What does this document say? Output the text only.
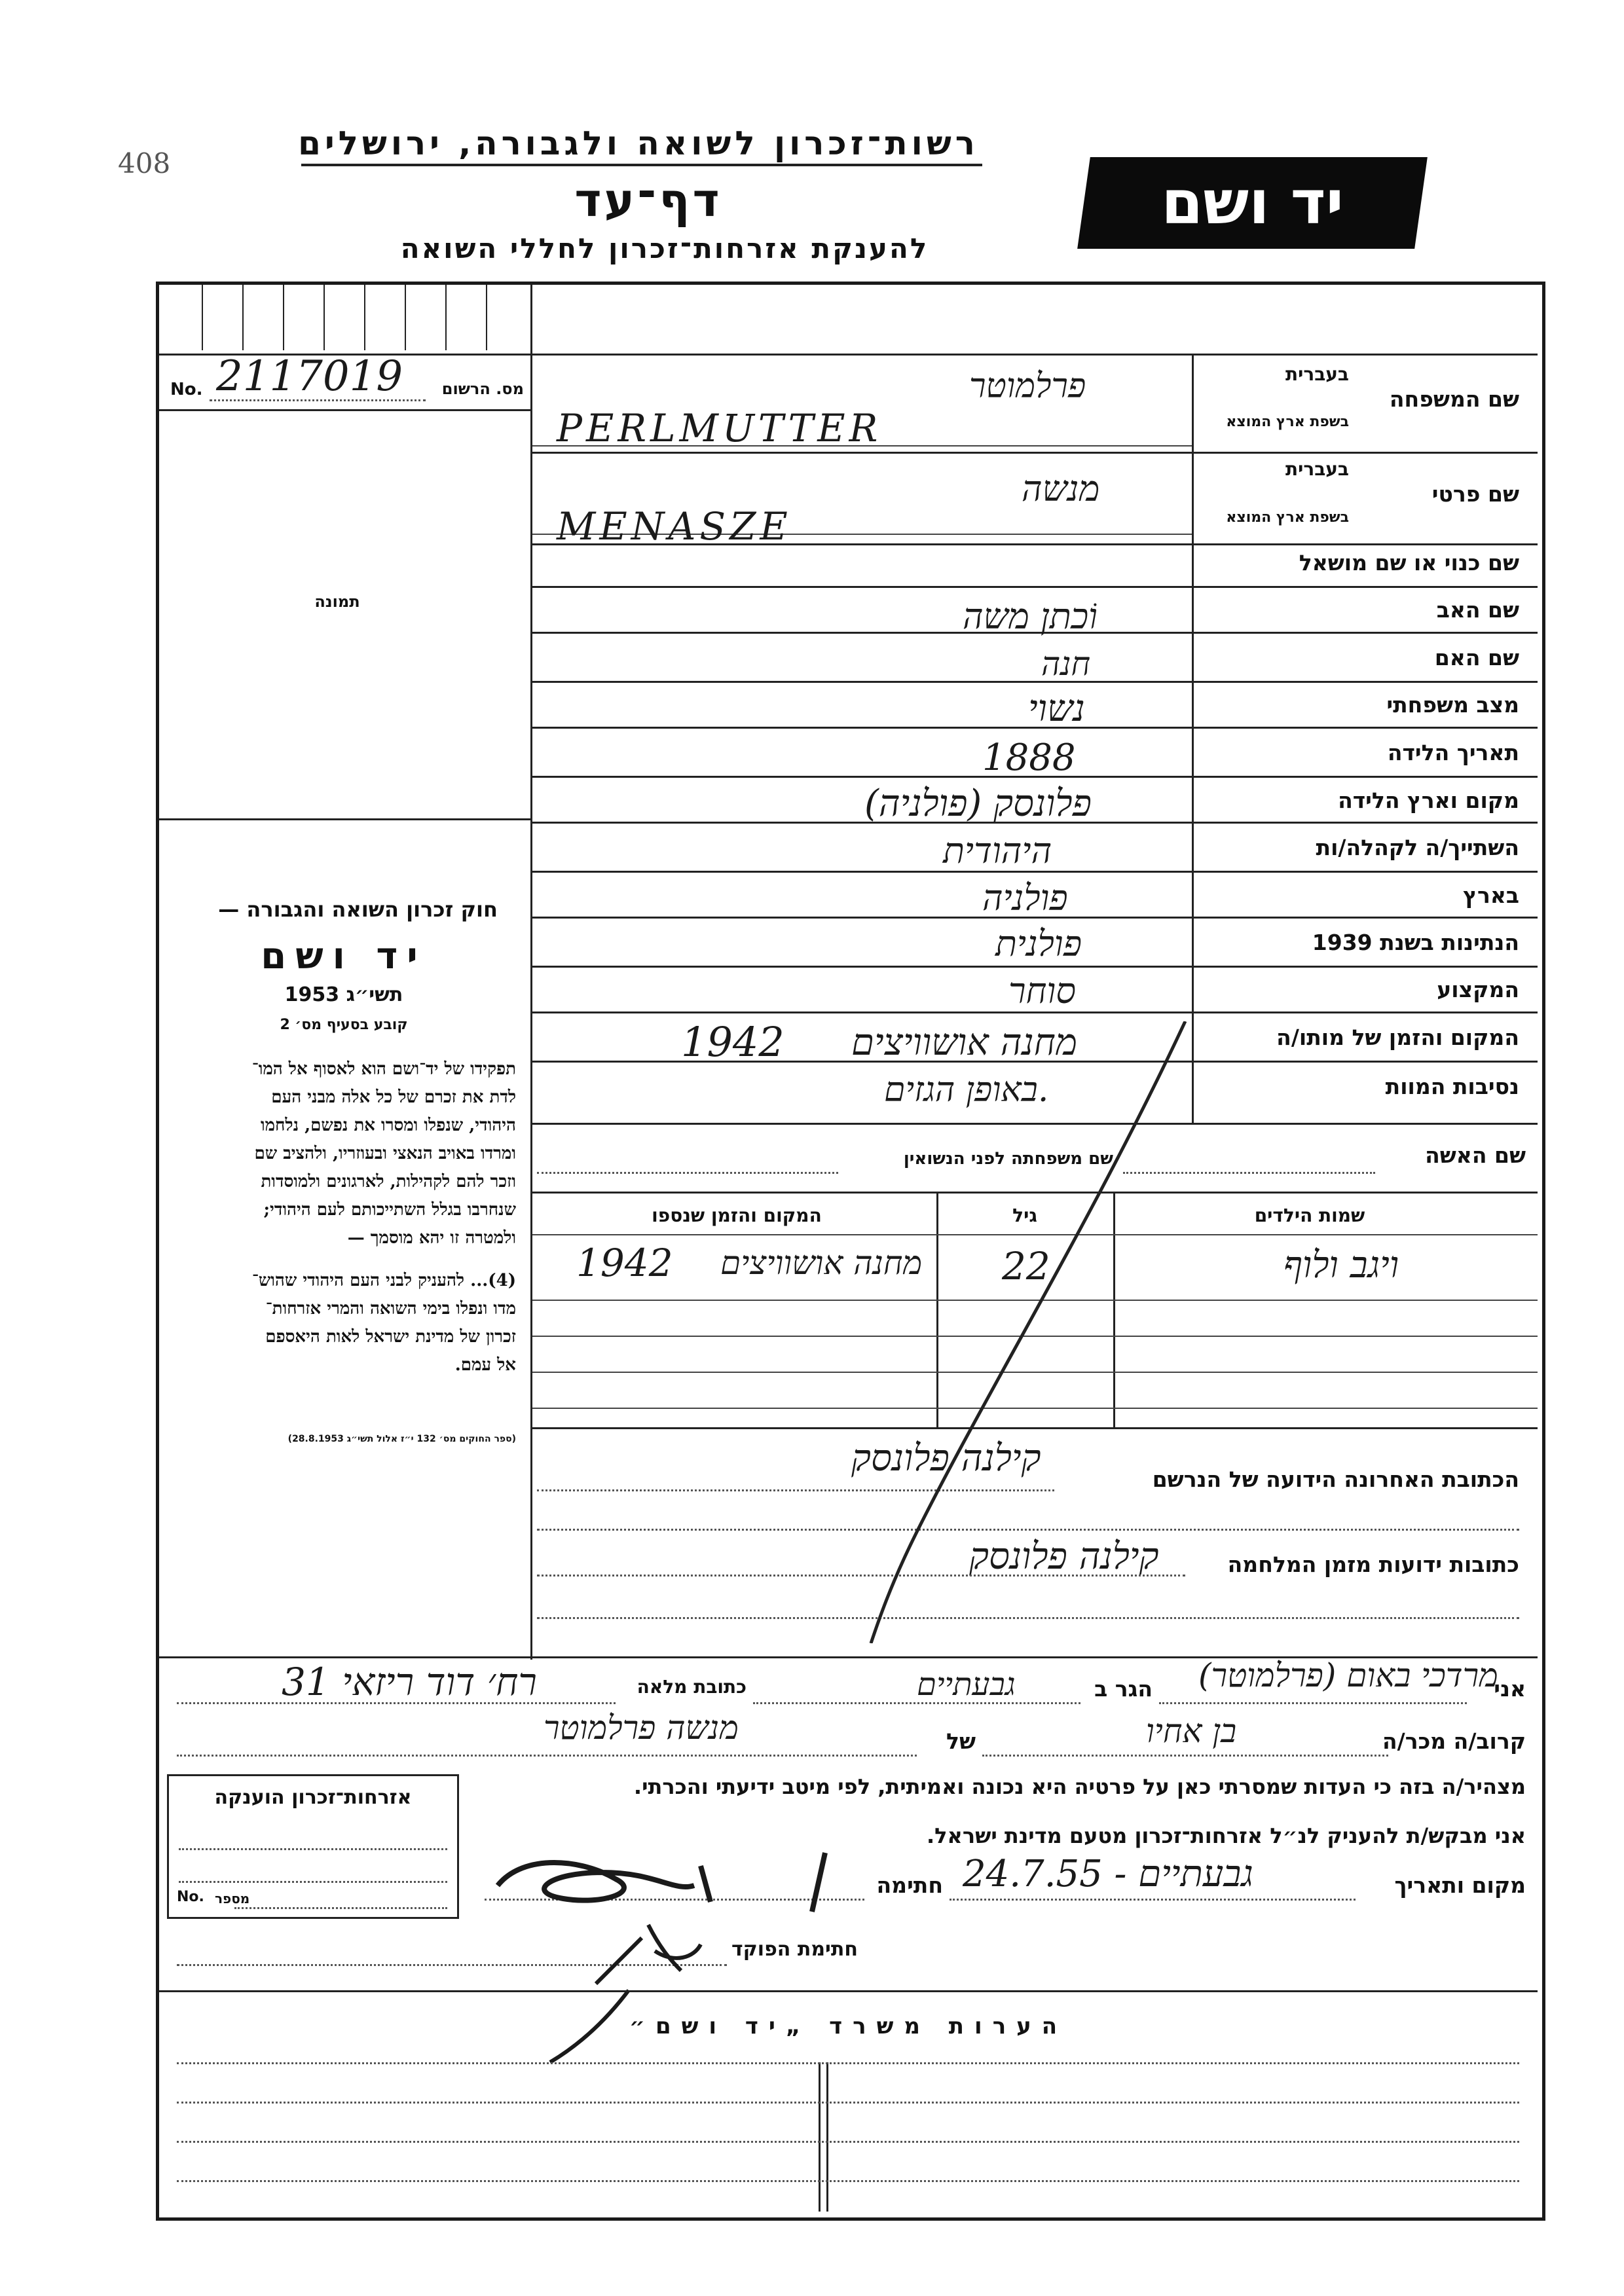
408
רשות־זכרון לשואה ולגבורה, ירושלים
דף־עד
להענקת אזרחות־זכרון לחללי השואה
יד ושם
No. 2117019	מס. הרשום
תמונה
חוק זכרון השואה והגבורה —
יד ושם
תשי״ג 1953
קובע בסעיף מס׳ 2

תפקידו של יד־ושם הוא לאסוף אל המו־

לדת את זכרם של כל אלה מבני העם

היהודי, שנפלו ומסרו את נפשם, נלחמו

ומרדו באויב הנאצי ובעוזריו, ולהציב שם

וזכר להם לקהילות, לארגונים ולמוסדות

שנחרבו בגלל השתייכותם לעם היהודי;

ולמטרה זו יהא מוסמך —

(4)... להעניק לבני העם היהודי שהוש־

מדו ונפלו בימי השואה והמרי אזרחות־

זכרון של מדינת ישראל לאות היאספם

אל עמם.

(ספר החוקים מס׳ 132 י״ז אלול תשי״ג 28.8.1953)
שם המשפחה
בעברית
בשפת ארץ המוצא
פרלמוטר
PERLMUTTER
שם פרטי
בעברית
בשפת ארץ המוצא
מנשה
MENASZE
שם כנוי או שם מושאל
שם האב
וֹכתן משה
שם האם
חנה
מצב משפחתי
נשוי
תאריך הלידה
1888
מקום וארץ הלידה
פלונסק (פולניה)
השתייך/ה לקהלה/ות
היהודית
בארץ
פולניה
הנתינות בשנת 1939
פולנית
המקצוע
סוחר
המקום והזמן של מותו/ה
מחנה אושוויצים
1942
נסיבות המוות
באופן הגזים.
שם האשה
שם משפחתה לפני הנשואין
שמות הילדים
גיל
המקום והזמן שנספו
ויגב ולוף
22
מחנה אושוויצים
1942
הכתובת האחרונה הידועה של הנרשם
קילנה פלונסק
כתובות ידועות מזמן המלחמה
קילנה פלונסק
אני
מרדכי באום (פרלמוטר)
הגר ב
גבעתיים
כתובת מלאה
רח׳ דוד ריזאי 31
קרוב/ה מכר/ה
בן אחיו
של
מנשה פרלמוטר
מצהיר/ה בזה כי העדות שמסרתי כאן על פרטיה היא נכונה ואמיתית, לפי מיטב ידיעתי והכרתי.
אני מבקש/ת להעניק לנ״ל אזרחות־זכרון מטעם מדינת ישראל.
מקום ותאריך
גבעתיים - 24.7.55
חתימה
חתימת הפוקד
אזרחות־זכרון הוענקה
No. מספר
הערות משרד „יד ושם״
